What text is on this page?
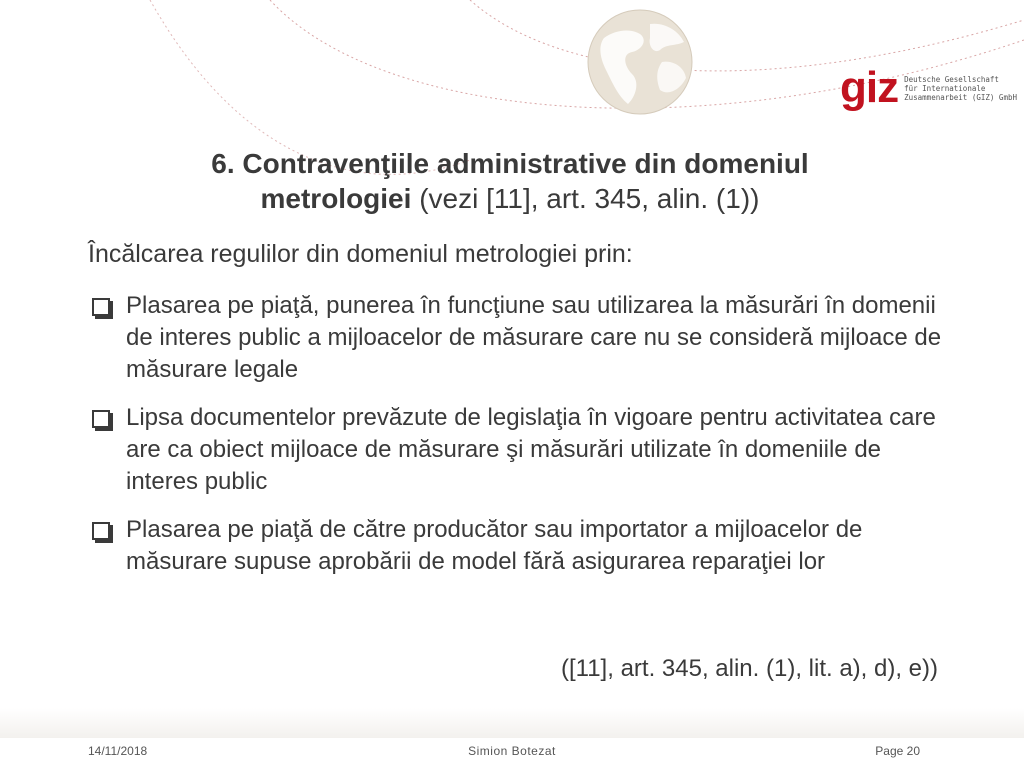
giz Deutsche Gesellschaft
für Internationale
Zusammenarbeit (GIZ) GmbH
6. Contravenţiile administrative din domeniul
metrologiei (vezi [11], art. 345, alin. (1))
Încălcarea regulilor din domeniul metrologiei prin:
Plasarea pe piaţă, punerea în funcţiune sau utilizarea la măsurări în domenii de interes public a mijloacelor de măsurare care nu se consideră mijloace de măsurare legale
Lipsa documentelor prevăzute de legislaţia în vigoare pentru activitatea care are ca obiect mijloace de măsurare şi măsurări utilizate în domeniile de interes public
Plasarea pe piaţă de către producător sau importator a mijloacelor de măsurare supuse aprobării de model fără asigurarea reparaţiei lor
([11], art. 345, alin. (1), lit. a), d), e))
14/11/2018	Simion Botezat	Page 20
